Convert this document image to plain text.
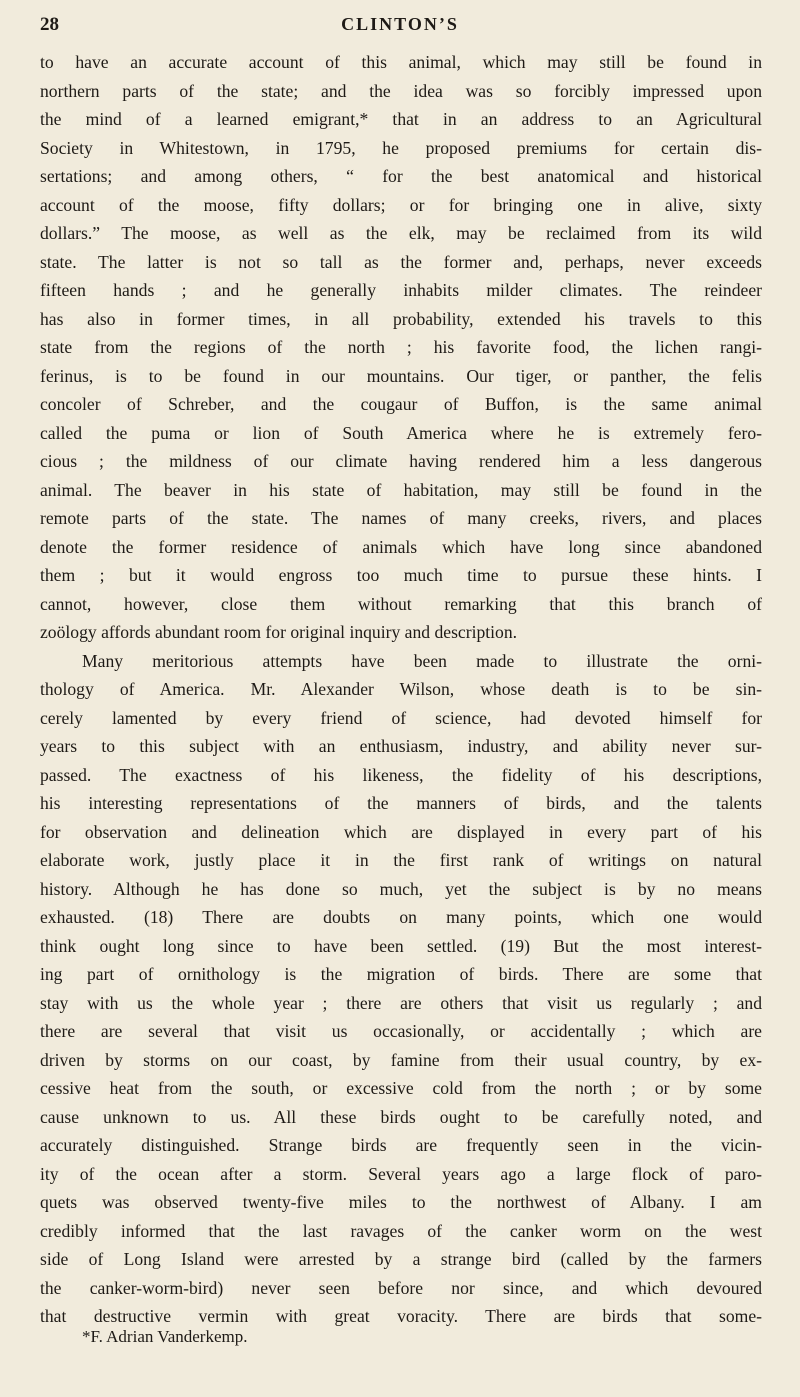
28	CLINTON’S
to have an accurate account of this animal, which may still be found in
northern parts of the state; and the idea was so forcibly impressed upon
the mind of a learned emigrant,* that in an address to an Agricultural
Society in Whitestown, in 1795, he proposed premiums for certain dis-
sertations; and among others, “ for the best anatomical and historical
account of the moose, fifty dollars; or for bringing one in alive, sixty
dollars.” The moose, as well as the elk, may be reclaimed from its wild
state. The latter is not so tall as the former and, perhaps, never exceeds
fifteen hands ; and he generally inhabits milder climates. The reindeer
has also in former times, in all probability, extended his travels to this
state from the regions of the north ; his favorite food, the lichen rangi-
ferinus, is to be found in our mountains. Our tiger, or panther, the felis
concoler of Schreber, and the cougaur of Buffon, is the same animal
called the puma or lion of South America where he is extremely fero-
cious ; the mildness of our climate having rendered him a less dangerous
animal. The beaver in his state of habitation, may still be found in the
remote parts of the state. The names of many creeks, rivers, and places
denote the former residence of animals which have long since abandoned
them ; but it would engross too much time to pursue these hints. I
cannot, however, close them without remarking that this branch of
zoölogy affords abundant room for original inquiry and description.
Many meritorious attempts have been made to illustrate the orni-
thology of America. Mr. Alexander Wilson, whose death is to be sin-
cerely lamented by every friend of science, had devoted himself for
years to this subject with an enthusiasm, industry, and ability never sur-
passed. The exactness of his likeness, the fidelity of his descriptions,
his interesting representations of the manners of birds, and the talents
for observation and delineation which are displayed in every part of his
elaborate work, justly place it in the first rank of writings on natural
history. Although he has done so much, yet the subject is by no means
exhausted. (18) There are doubts on many points, which one would
think ought long since to have been settled. (19) But the most interest-
ing part of ornithology is the migration of birds. There are some that
stay with us the whole year ; there are others that visit us regularly ; and
there are several that visit us occasionally, or accidentally ; which are
driven by storms on our coast, by famine from their usual country, by ex-
cessive heat from the south, or excessive cold from the north ; or by some
cause unknown to us. All these birds ought to be carefully noted, and
accurately distinguished. Strange birds are frequently seen in the vicin-
ity of the ocean after a storm. Several years ago a large flock of paro-
quets was observed twenty-five miles to the northwest of Albany. I am
credibly informed that the last ravages of the canker worm on the west
side of Long Island were arrested by a strange bird (called by the farmers
the canker-worm-bird) never seen before nor since, and which devoured
that destructive vermin with great voracity. There are birds that some-
*F. Adrian Vanderkemp.
